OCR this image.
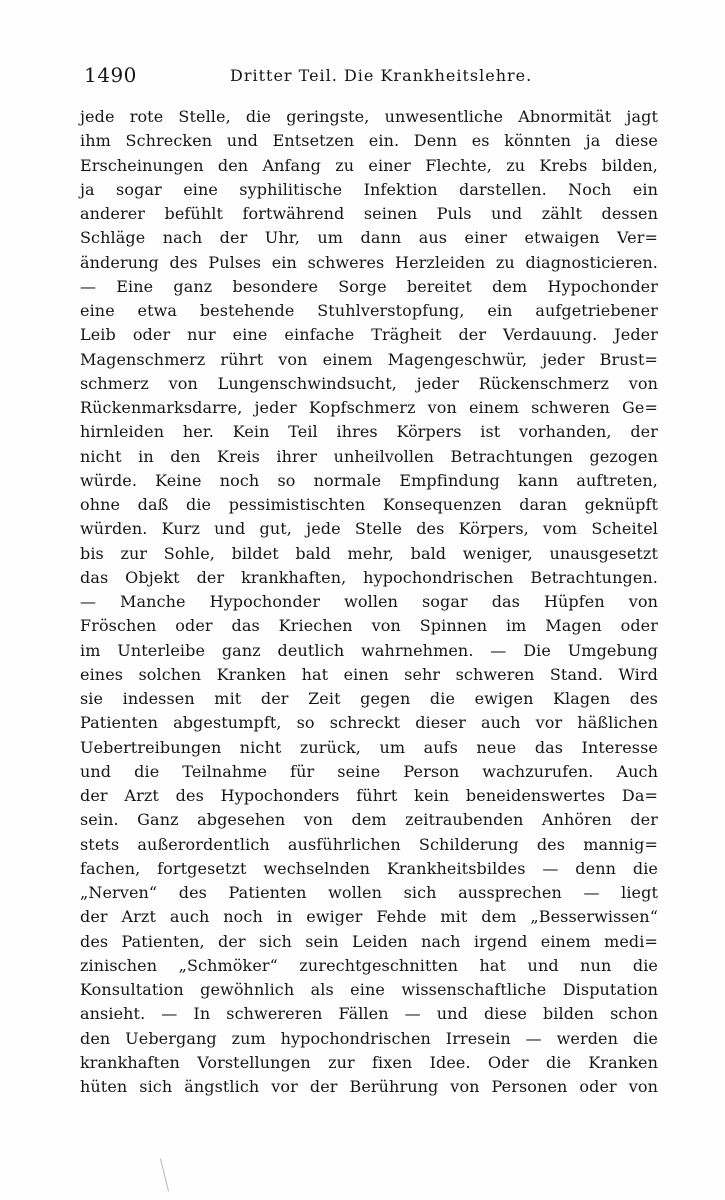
1490	Dritter Teil. Die Krankheitslehre.
jede rote Stelle, die geringste, unwesentliche Abnormität jagt
ihm Schrecken und Entsetzen ein. Denn es könnten ja diese
Erscheinungen den Anfang zu einer Flechte, zu Krebs bilden,
ja sogar eine syphilitische Infektion darstellen. Noch ein
anderer befühlt fortwährend seinen Puls und zählt dessen
Schläge nach der Uhr, um dann aus einer etwaigen Ver=
änderung des Pulses ein schweres Herzleiden zu diagnosticieren.
— Eine ganz besondere Sorge bereitet dem Hypochonder
eine etwa bestehende Stuhlverstopfung, ein aufgetriebener
Leib oder nur eine einfache Trägheit der Verdauung. Jeder
Magenschmerz rührt von einem Magengeschwür, jeder Brust=
schmerz von Lungenschwindsucht, jeder Rückenschmerz von
Rückenmarksdarre, jeder Kopfschmerz von einem schweren Ge=
hirnleiden her. Kein Teil ihres Körpers ist vorhanden, der
nicht in den Kreis ihrer unheilvollen Betrachtungen gezogen
würde. Keine noch so normale Empfindung kann auftreten,
ohne daß die pessimistischten Konsequenzen daran geknüpft
würden. Kurz und gut, jede Stelle des Körpers, vom Scheitel
bis zur Sohle, bildet bald mehr, bald weniger, unausgesetzt
das Objekt der krankhaften, hypochondrischen Betrachtungen.
— Manche Hypochonder wollen sogar das Hüpfen von
Fröschen oder das Kriechen von Spinnen im Magen oder
im Unterleibe ganz deutlich wahrnehmen. — Die Umgebung
eines solchen Kranken hat einen sehr schweren Stand. Wird
sie indessen mit der Zeit gegen die ewigen Klagen des
Patienten abgestumpft, so schreckt dieser auch vor häßlichen
Uebertreibungen nicht zurück, um aufs neue das Interesse
und die Teilnahme für seine Person wachzurufen. Auch
der Arzt des Hypochonders führt kein beneidenswertes Da=
sein. Ganz abgesehen von dem zeitraubenden Anhören der
stets außerordentlich ausführlichen Schilderung des mannig=
fachen, fortgesetzt wechselnden Krankheitsbildes — denn die
„Nerven“ des Patienten wollen sich aussprechen — liegt
der Arzt auch noch in ewiger Fehde mit dem „Besserwissen“
des Patienten, der sich sein Leiden nach irgend einem medi=
zinischen „Schmöker“ zurechtgeschnitten hat und nun die
Konsultation gewöhnlich als eine wissenschaftliche Disputation
ansieht. — In schwereren Fällen — und diese bilden schon
den Uebergang zum hypochondrischen Irresein — werden die
krankhaften Vorstellungen zur fixen Idee. Oder die Kranken
hüten sich ängstlich vor der Berührung von Personen oder von
